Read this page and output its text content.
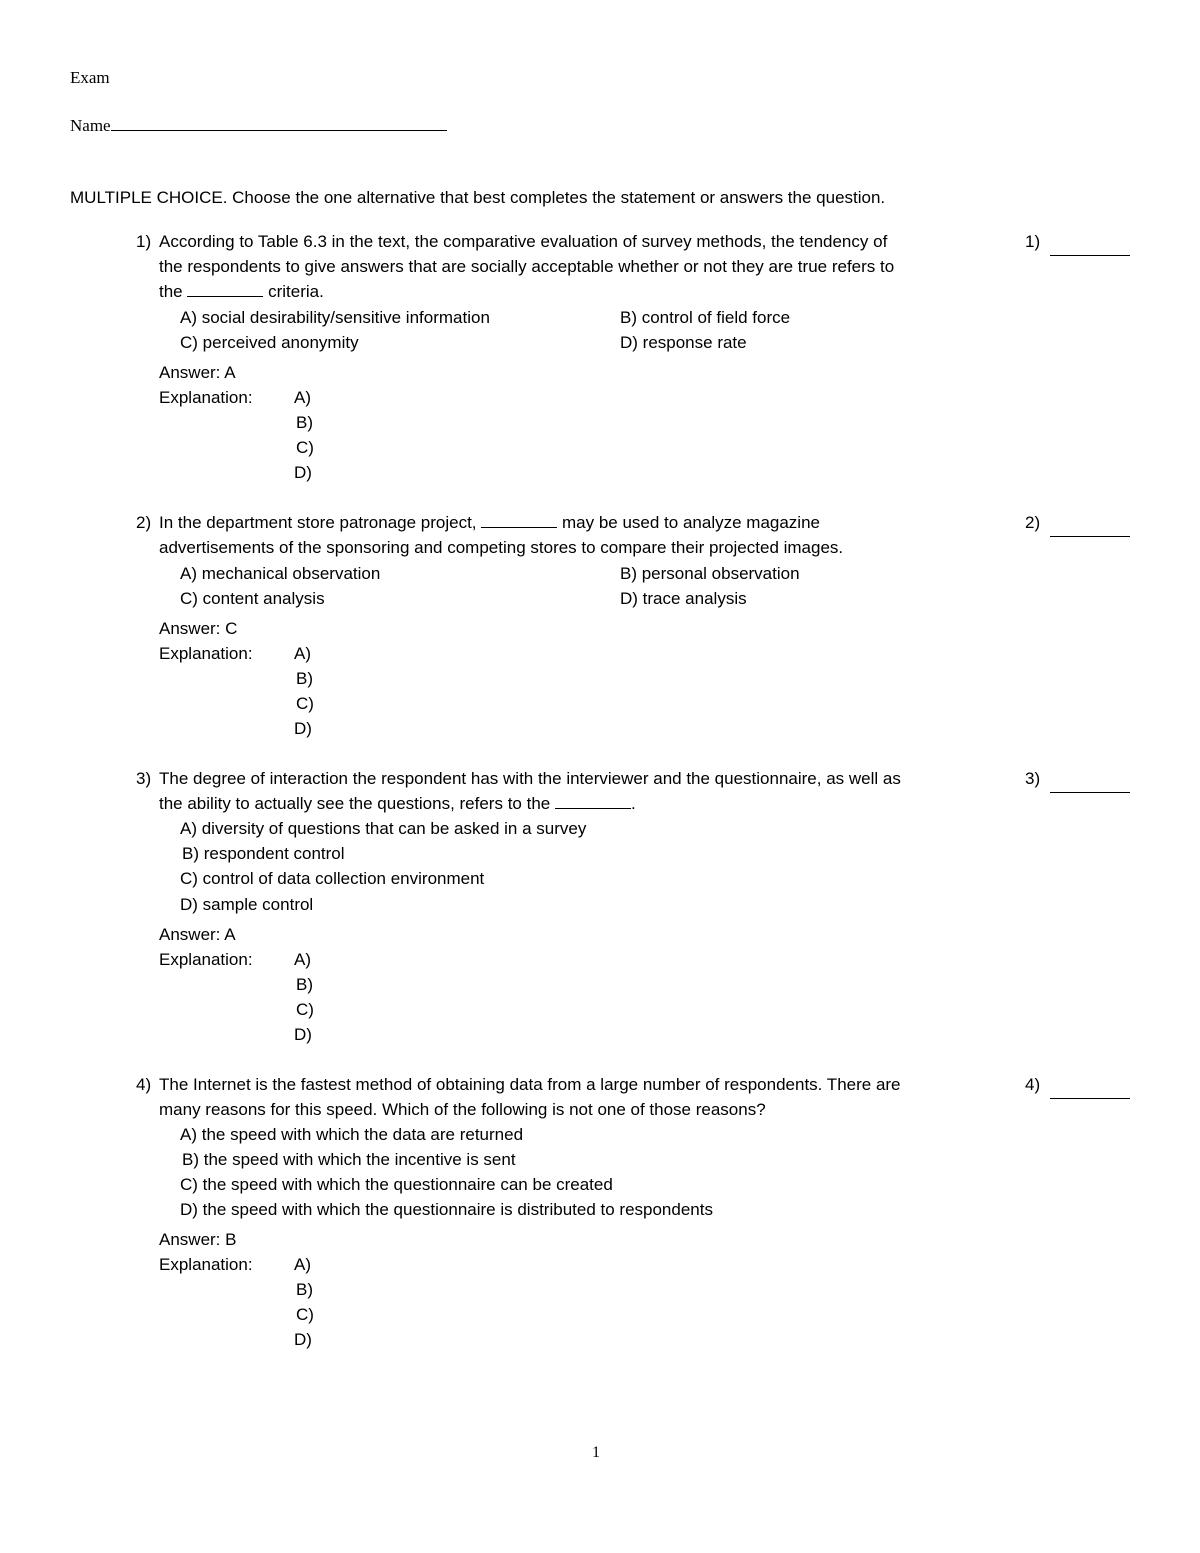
Exam
Name
MULTIPLE CHOICE. Choose the one alternative that best completes the statement or answers the question.
1) According to Table 6.3 in the text, the comparative evaluation of survey methods, the tendency of
the respondents to give answers that are socially acceptable whether or not they are true refers to
the	criteria.
A) social desirability/sensitive information	B) control of field force
C) perceived anonymity	D) response rate
Answer: A
Explanation: A)
B)
C)
D)
1)
2) In the department store patronage project,	may be used to analyze magazine
advertisements of the sponsoring and competing stores to compare their projected images.
A) mechanical observation	B) personal observation
C) content analysis	D) trace analysis
Answer: C
Explanation: A)
B)
C)
D)
2)
3) The degree of interaction the respondent has with the interviewer and the questionnaire, as well as
the ability to actually see the questions, refers to the	.
A) diversity of questions that can be asked in a survey
B) respondent control
C) control of data collection environment
D) sample control
Answer: A
Explanation: A)
B)
C)
D)
3)
4) The Internet is the fastest method of obtaining data from a large number of respondents. There are
many reasons for this speed. Which of the following is not one of those reasons?
A) the speed with which the data are returned
B) the speed with which the incentive is sent
C) the speed with which the questionnaire can be created
D) the speed with which the questionnaire is distributed to respondents
Answer: B
Explanation: A)
B)
C)
D)
4)
1
